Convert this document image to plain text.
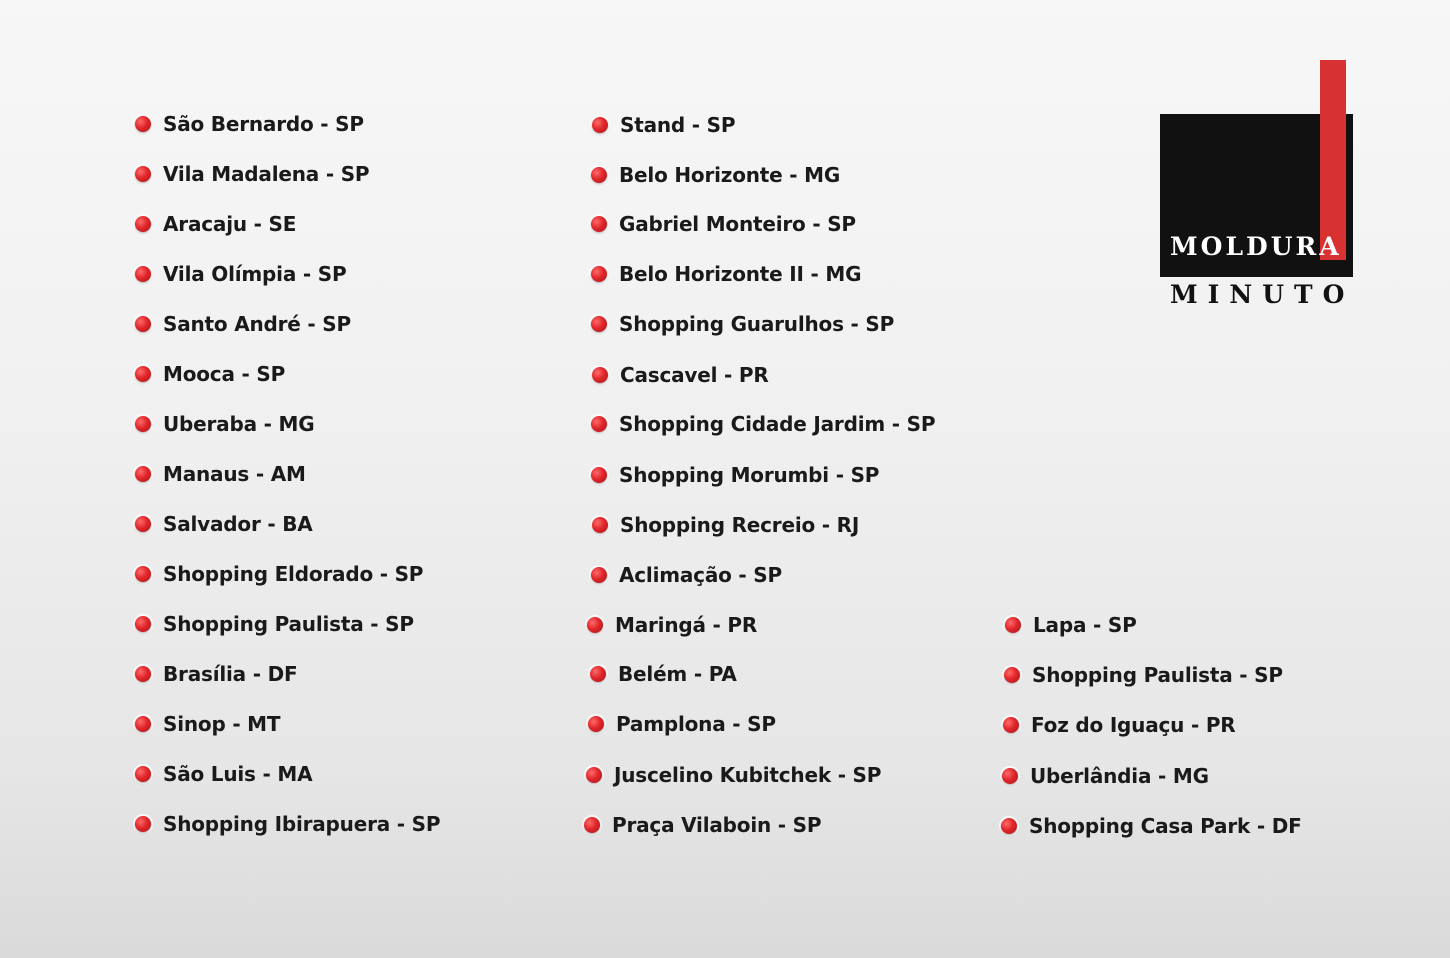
São Bernardo - SP
Vila Madalena - SP
Aracaju - SE
Vila Olímpia - SP
Santo André - SP
Mooca - SP
Uberaba - MG
Manaus - AM
Salvador - BA
Shopping Eldorado - SP
Shopping Paulista - SP
Brasília - DF
Sinop - MT
São Luis - MA
Shopping Ibirapuera - SP
Stand - SP
Belo Horizonte - MG
Gabriel Monteiro - SP
Belo Horizonte II - MG
Shopping Guarulhos - SP
Cascavel - PR
Shopping Cidade Jardim - SP
Shopping Morumbi - SP
Shopping Recreio - RJ
Aclimação - SP
Maringá - PR
Belém - PA
Pamplona - SP
Juscelino Kubitchek - SP
Praça Vilaboin - SP
Lapa - SP
Shopping Paulista - SP
Foz do Iguaçu - PR
Uberlândia - MG
Shopping Casa Park - DF
MOLDURA
MINUTO
